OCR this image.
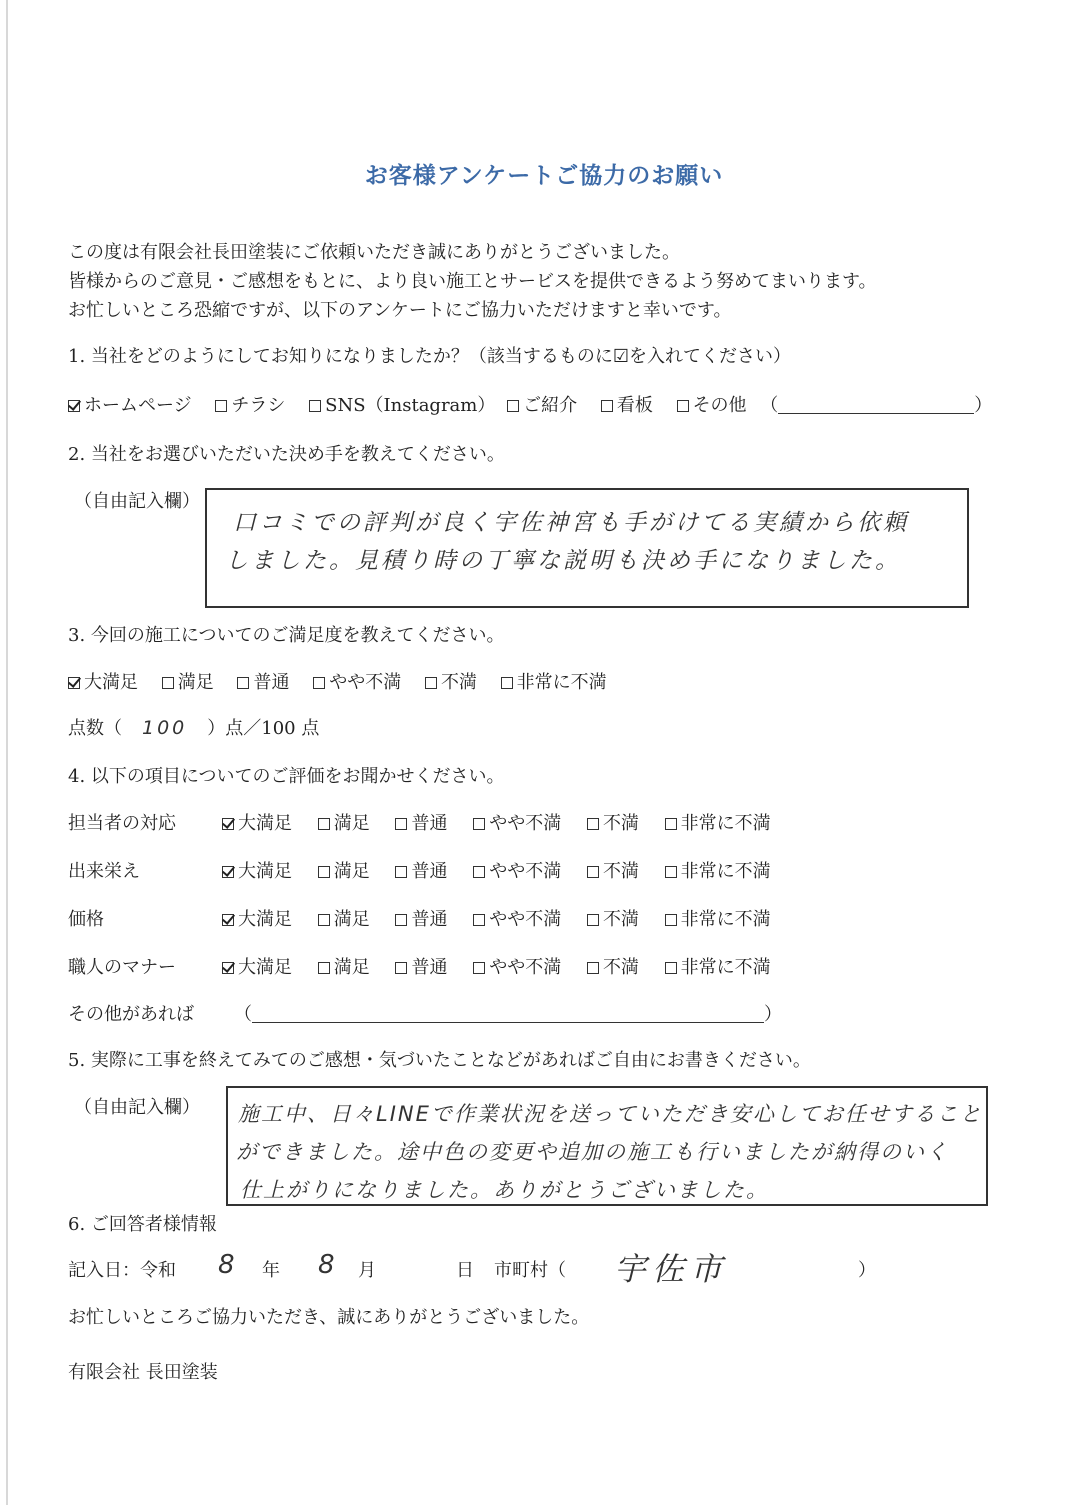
お客様アンケートご協力のお願い
この度は有限会社長田塗装にご依頼いただき誠にありがとうございました。
皆様からのご意見・ご感想をもとに、より良い施工とサービスを提供できるよう努めてまいります。
お忙しいところ恐縮ですが、以下のアンケートにご協力いただけますと幸いです。
1. 当社をどのようにしてお知りになりましたか？（該当するものに☑を入れてください）
ホームページ チラシ SNS（Instagram） ご紹介 看板 その他 （	）
2. 当社をお選びいただいた決め手を教えてください。
（自由記入欄）
口コミでの評判が良く宇佐神宮も手がけてる実績から依頼
しました。見積り時の丁寧な説明も決め手になりました。
3. 今回の施工についてのご満足度を教えてください。
大満足 満足 普通 やや不満 不満 非常に不満
点数（ 100 ）点／100 点
4. 以下の項目についてのご評価をお聞かせください。
担当者の対応	大満足 満足 普通 やや不満 不満 非常に不満
出来栄え	大満足 満足 普通 やや不満 不満 非常に不満
価格	大満足 満足 普通 やや不満 不満 非常に不満
職人のマナー	大満足 満足 普通 やや不満 不満 非常に不満
その他があれば （	）
5. 実際に工事を終えてみてのご感想・気づいたことなどがあればご自由にお書きください。
（自由記入欄） 施工中、日々LINEで作業状況を送っていただき安心してお任せすること
ができました。途中色の変更や追加の施工も行いましたが納得のいく
仕上がりになりました。ありがとうございました。
6. ご回答者様情報
記入日：令和 8 年 8 月	日 市町村（ 宇佐市	）
お忙しいところご協力いただき、誠にありがとうございました。
有限会社 長田塗装
